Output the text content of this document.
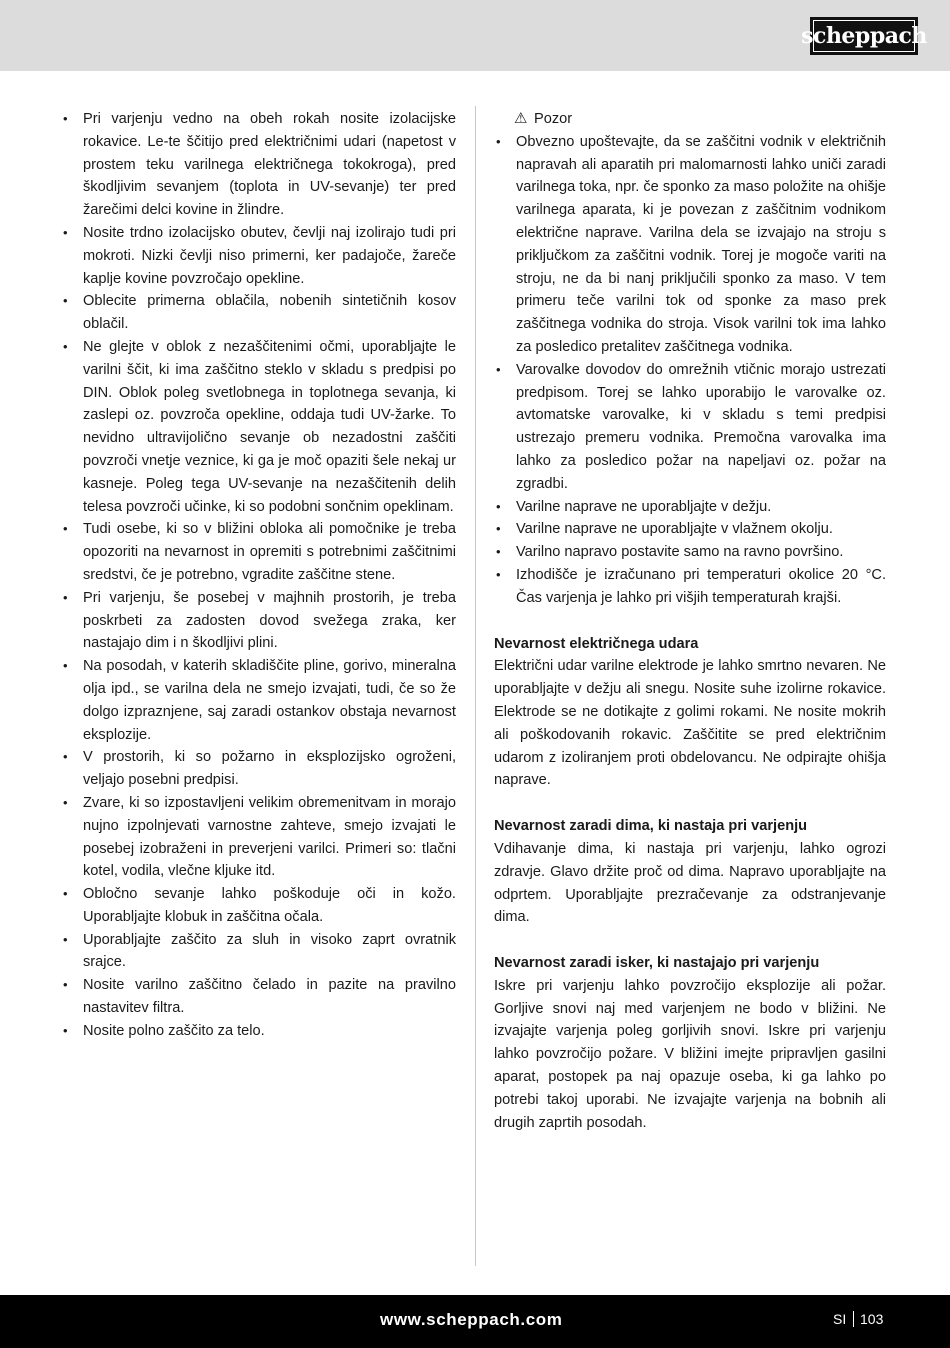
scheppach
• Pri varjenju vedno na obeh rokah nosite izolacijske rokavice. Le-te ščitijo pred električnimi udari (napetost v prostem teku varilnega električnega tokokroga), pred škodljivim sevanjem (toplota in UV-sevanje) ter pred žarečimi delci kovine in žlindre.
• Nosite trdno izolacijsko obutev, čevlji naj izolirajo tudi pri mokroti. Nizki čevlji niso primerni, ker padajoče, žareče kaplje kovine povzročajo opekline.
• Oblecite primerna oblačila, nobenih sintetičnih kosov oblačil.
• Ne glejte v oblok z nezaščitenimi očmi, uporabljajte le varilni ščit, ki ima zaščitno steklo v skladu s predpisi po DIN. Oblok poleg svetlobnega in toplotnega sevanja, ki zaslepi oz. povzroča opekline, oddaja tudi UV-žarke. To nevidno ultravijolično sevanje ob nezadostni zaščiti povzroči vnetje veznice, ki ga je moč opaziti šele nekaj ur kasneje. Poleg tega UV-sevanje na nezaščitenih delih telesa povzroči učinke, ki so podobni sončnim opeklinam.
• Tudi osebe, ki so v bližini obloka ali pomočnike je treba opozoriti na nevarnost in opremiti s potrebnimi zaščitnimi sredstvi, če je potrebno, vgradite zaščitne stene.
• Pri varjenju, še posebej v majhnih prostorih, je treba poskrbeti za zadosten dovod svežega zraka, ker nastajajo dim i n škodljivi plini.
• Na posodah, v katerih skladiščite pline, gorivo, mineralna olja ipd., se varilna dela ne smejo izvajati, tudi, če so že dolgo izpraznjene, saj zaradi ostankov obstaja nevarnost eksplozije.
• V prostorih, ki so požarno in eksplozijsko ogroženi, veljajo posebni predpisi.
• Zvare, ki so izpostavljeni velikim obremenitvam in morajo nujno izpolnjevati varnostne zahteve, smejo izvajati le posebej izobraženi in preverjeni varilci. Primeri so: tlačni kotel, vodila, vlečne kljuke itd.
• Obločno sevanje lahko poškoduje oči in kožo. Uporabljajte klobuk in zaščitna očala.
• Uporabljajte zaščito za sluh in visoko zaprt ovratnik srajce.
• Nosite varilno zaščitno čelado in pazite na pravilno nastavitev filtra.
• Nosite polno zaščito za telo.
⚠ Pozor
• Obvezno upoštevajte, da se zaščitni vodnik v električnih napravah ali aparatih pri malomarnosti lahko uniči zaradi varilnega toka, npr. če sponko za maso položite na ohišje varilnega aparata, ki je povezan z zaščitnim vodnikom električne naprave. Varilna dela se izvajajo na stroju s priključkom za zaščitni vodnik. Torej je mogoče variti na stroju, ne da bi nanj priključili sponko za maso. V tem primeru teče varilni tok od sponke za maso prek zaščitnega vodnika do stroja. Visok varilni tok ima lahko za posledico pretalitev zaščitnega vodnika.
• Varovalke dovodov do omrežnih vtičnic morajo ustrezati predpisom. Torej se lahko uporabijo le varovalke oz. avtomatske varovalke, ki v skladu s temi predpisi ustrezajo premeru vodnika. Premočna varovalka ima lahko za posledico požar na napeljavi oz. požar na zgradbi.
• Varilne naprave ne uporabljajte v dežju.
• Varilne naprave ne uporabljajte v vlažnem okolju.
• Varilno napravo postavite samo na ravno površino.
• Izhodišče je izračunano pri temperaturi okolice 20 °C. Čas varjenja je lahko pri višjih temperaturah krajši.
Nevarnost električnega udara

Električni udar varilne elektrode je lahko smrtno nevaren. Ne uporabljajte v dežju ali snegu. Nosite suhe izolirne rokavice. Elektrode se ne dotikajte z golimi rokami. Ne nosite mokrih ali poškodovanih rokavic. Zaščitite se pred električnim udarom z izoliranjem proti obdelovancu. Ne odpirajte ohišja naprave.

Nevarnost zaradi dima, ki nastaja pri varjenju

Vdihavanje dima, ki nastaja pri varjenju, lahko ogrozi zdravje. Glavo držite proč od dima. Napravo uporabljajte na odprtem. Uporabljajte prezračevanje za odstranjevanje dima.

Nevarnost zaradi isker, ki nastajajo pri varjenju

Iskre pri varjenju lahko povzročijo eksplozije ali požar. Gorljive snovi naj med varjenjem ne bodo v bližini. Ne izvajajte varjenja poleg gorljivih snovi. Iskre pri varjenju lahko povzročijo požare. V bližini imejte pripravljen gasilni aparat, postopek pa naj opazuje oseba, ki ga lahko po potrebi takoj uporabi. Ne izvajajte varjenja na bobnih ali drugih zaprtih posodah.

www.scheppach.com	SI 103
